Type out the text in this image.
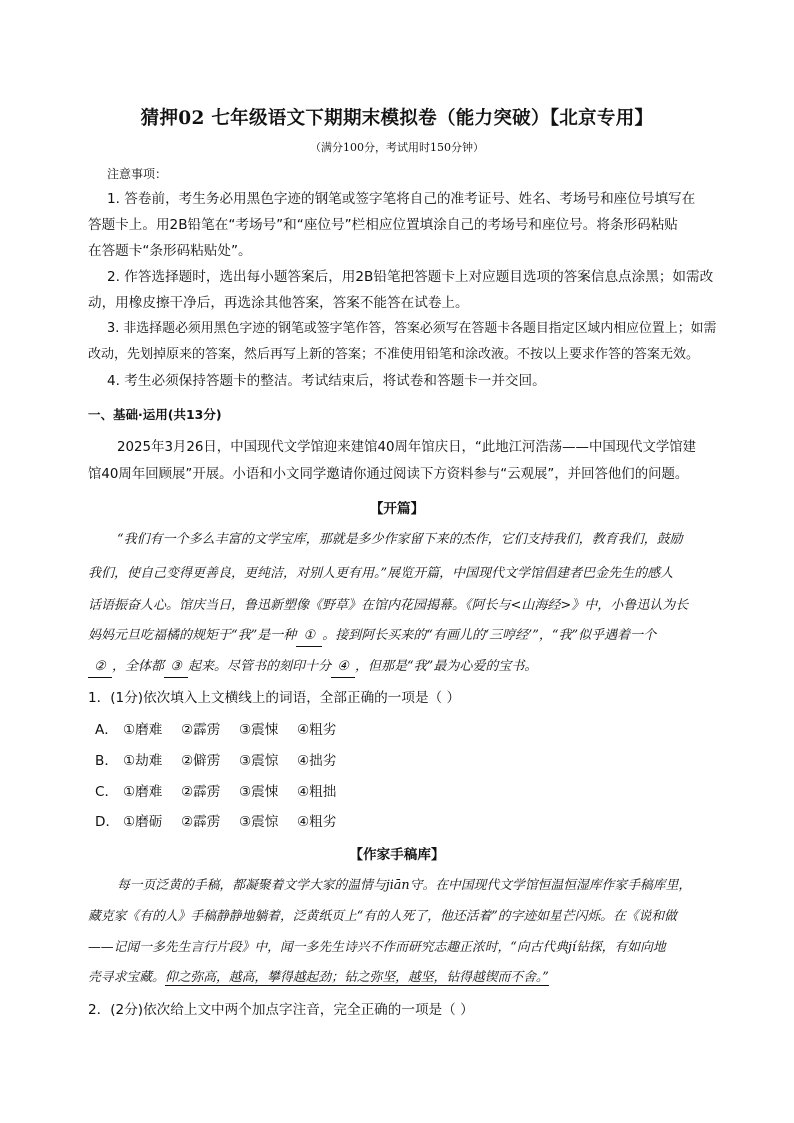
猜押02 七年级语文下期期末模拟卷（能力突破）【北京专用】
（满分100分，考试用时150分钟）
注意事项：
1. 答卷前，考生务必用黑色字迹的钢笔或签字笔将自己的准考证号、姓名、考场号和座位号填写在
答题卡上。用2B铅笔在“考场号”和“座位号”栏相应位置填涂自己的考场号和座位号。将条形码粘贴
在答题卡“条形码粘贴处”。
2. 作答选择题时，选出每小题答案后，用2B铅笔把答题卡上对应题目选项的答案信息点涂黑；如需改
动，用橡皮擦干净后，再选涂其他答案，答案不能答在试卷上。
3. 非选择题必须用黑色字迹的钢笔或签字笔作答，答案必须写在答题卡各题目指定区域内相应位置上；如需
改动，先划掉原来的答案，然后再写上新的答案；不准使用铅笔和涂改液。不按以上要求作答的答案无效。
4. 考生必须保持答题卡的整洁。考试结束后，将试卷和答题卡一并交回。
一、基础·运用(共13分)
2025年3月26日，中国现代文学馆迎来建馆40周年馆庆日，“此地江河浩荡——中国现代文学馆建
馆40周年回顾展”开展。小语和小文同学邀请你通过阅读下方资料参与“云观展”，并回答他们的问题。
【开篇】
“我们有一个多么丰富的文学宝库，那就是多少作家留下来的杰作，它们支持我们，教育我们，鼓励
我们，使自己变得更善良，更纯洁，对别人更有用。”展览开篇，中国现代文学馆倡建者巴金先生的感人
话语振奋人心。馆庆当日，鲁迅新塑像《野草》在馆内花园揭幕。《阿长与<山海经>》中，小鲁迅认为长
妈妈元旦吃福橘的规矩于“我”是一种 ① 。接到阿长买来的“有画儿的‘三哼经’”，“我”似乎遇着一个
② ，全体都 ③ 起来。尽管书的刻印十分 ④ ，但那是“我”最为心爱的宝书。
1．(1分)依次填入上文横线上的词语，全部正确的一项是（ ）
A． ①磨难 ②霹雳 ③震悚 ④粗劣
B． ①劫难 ②僻雳 ③震惊 ④拙劣
C． ①磨难 ②霹雳 ③震悚 ④粗拙
D． ①磨砺 ②霹雳 ③震惊 ④粗劣
【作家手稿库】
每一页泛黄的手稿，都凝聚着文学大家的温情与jiān守。在中国现代文学馆恒温恒湿库作家手稿库里，
藏克家《有的人》手稿静静地躺着，泛黄纸页上“有的人死了，他还活着”的字迹如星芒闪烁。在《说和做
——记闻一多先生言行片段》中，闻一多先生诗兴不作而研究志趣正浓时，“向古代典jí钻探，有如向地
壳寻求宝藏。仰之弥高，越高，攀得越起劲；钻之弥坚，越坚，钻得越锲而不舍。”
2．(2分)依次给上文中两个加点字注音，完全正确的一项是（ ）
